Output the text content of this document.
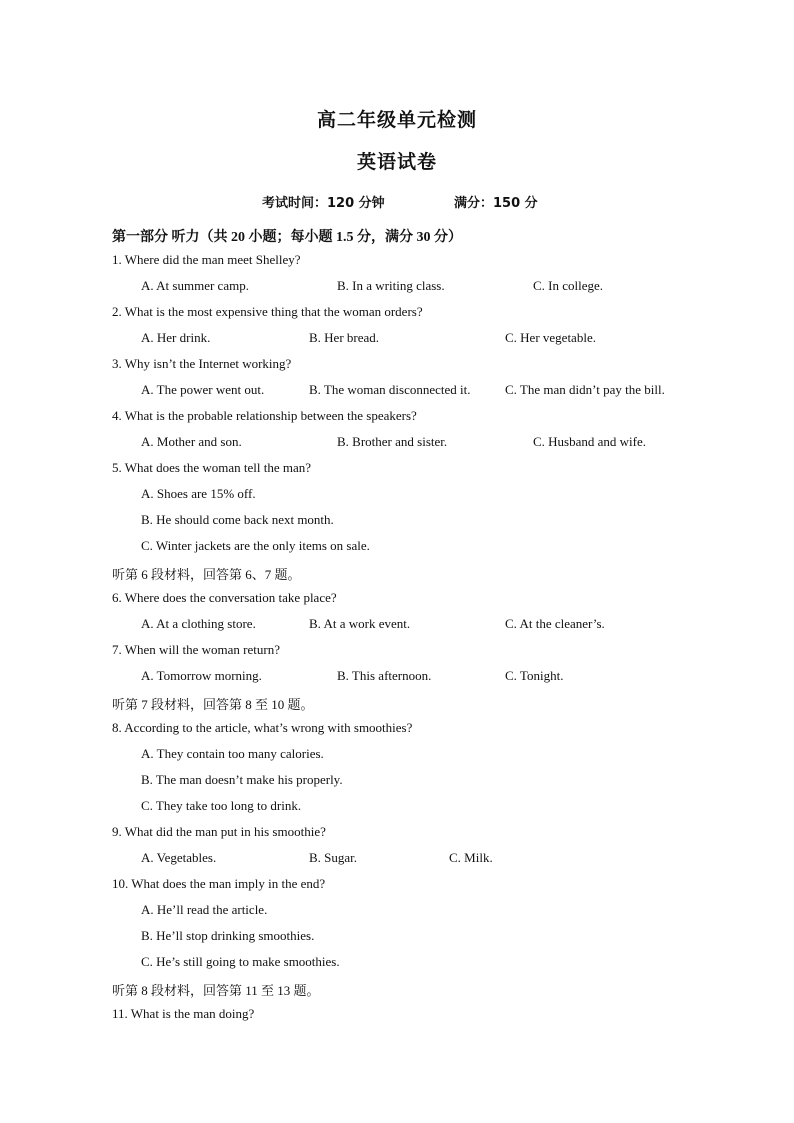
高二年级单元检测
英语试卷
考试时间：120 分钟	满分：150 分
第一部分 听力（共 20 小题；每小题 1.5 分，满分 30 分）
1. Where did the man meet Shelley?
A. At summer camp.	B. In a writing class.	C. In college.
2. What is the most expensive thing that the woman orders?
A. Her drink.	B. Her bread.	C. Her vegetable.
3. Why isn’t the Internet working?
A. The power went out.	B. The woman disconnected it.	C. The man didn’t pay the bill.
4. What is the probable relationship between the speakers?
A. Mother and son.	B. Brother and sister.	C. Husband and wife.
5. What does the woman tell the man?
A. Shoes are 15% off.
B. He should come back next month.
C. Winter jackets are the only items on sale.
听第 6 段材料，回答第 6、7 题。
6. Where does the conversation take place?
A. At a clothing store.	B. At a work event.	C. At the cleaner’s.
7. When will the woman return?
A. Tomorrow morning.	B. This afternoon.	C. Tonight.
听第 7 段材料，回答第 8 至 10 题。
8. According to the article, what’s wrong with smoothies?
A. They contain too many calories.
B. The man doesn’t make his properly.
C. They take too long to drink.
9. What did the man put in his smoothie?
A. Vegetables.	B. Sugar.	C. Milk.
10. What does the man imply in the end?
A. He’ll read the article.
B. He’ll stop drinking smoothies.
C. He’s still going to make smoothies.
听第 8 段材料，回答第 11 至 13 题。
11. What is the man doing?
